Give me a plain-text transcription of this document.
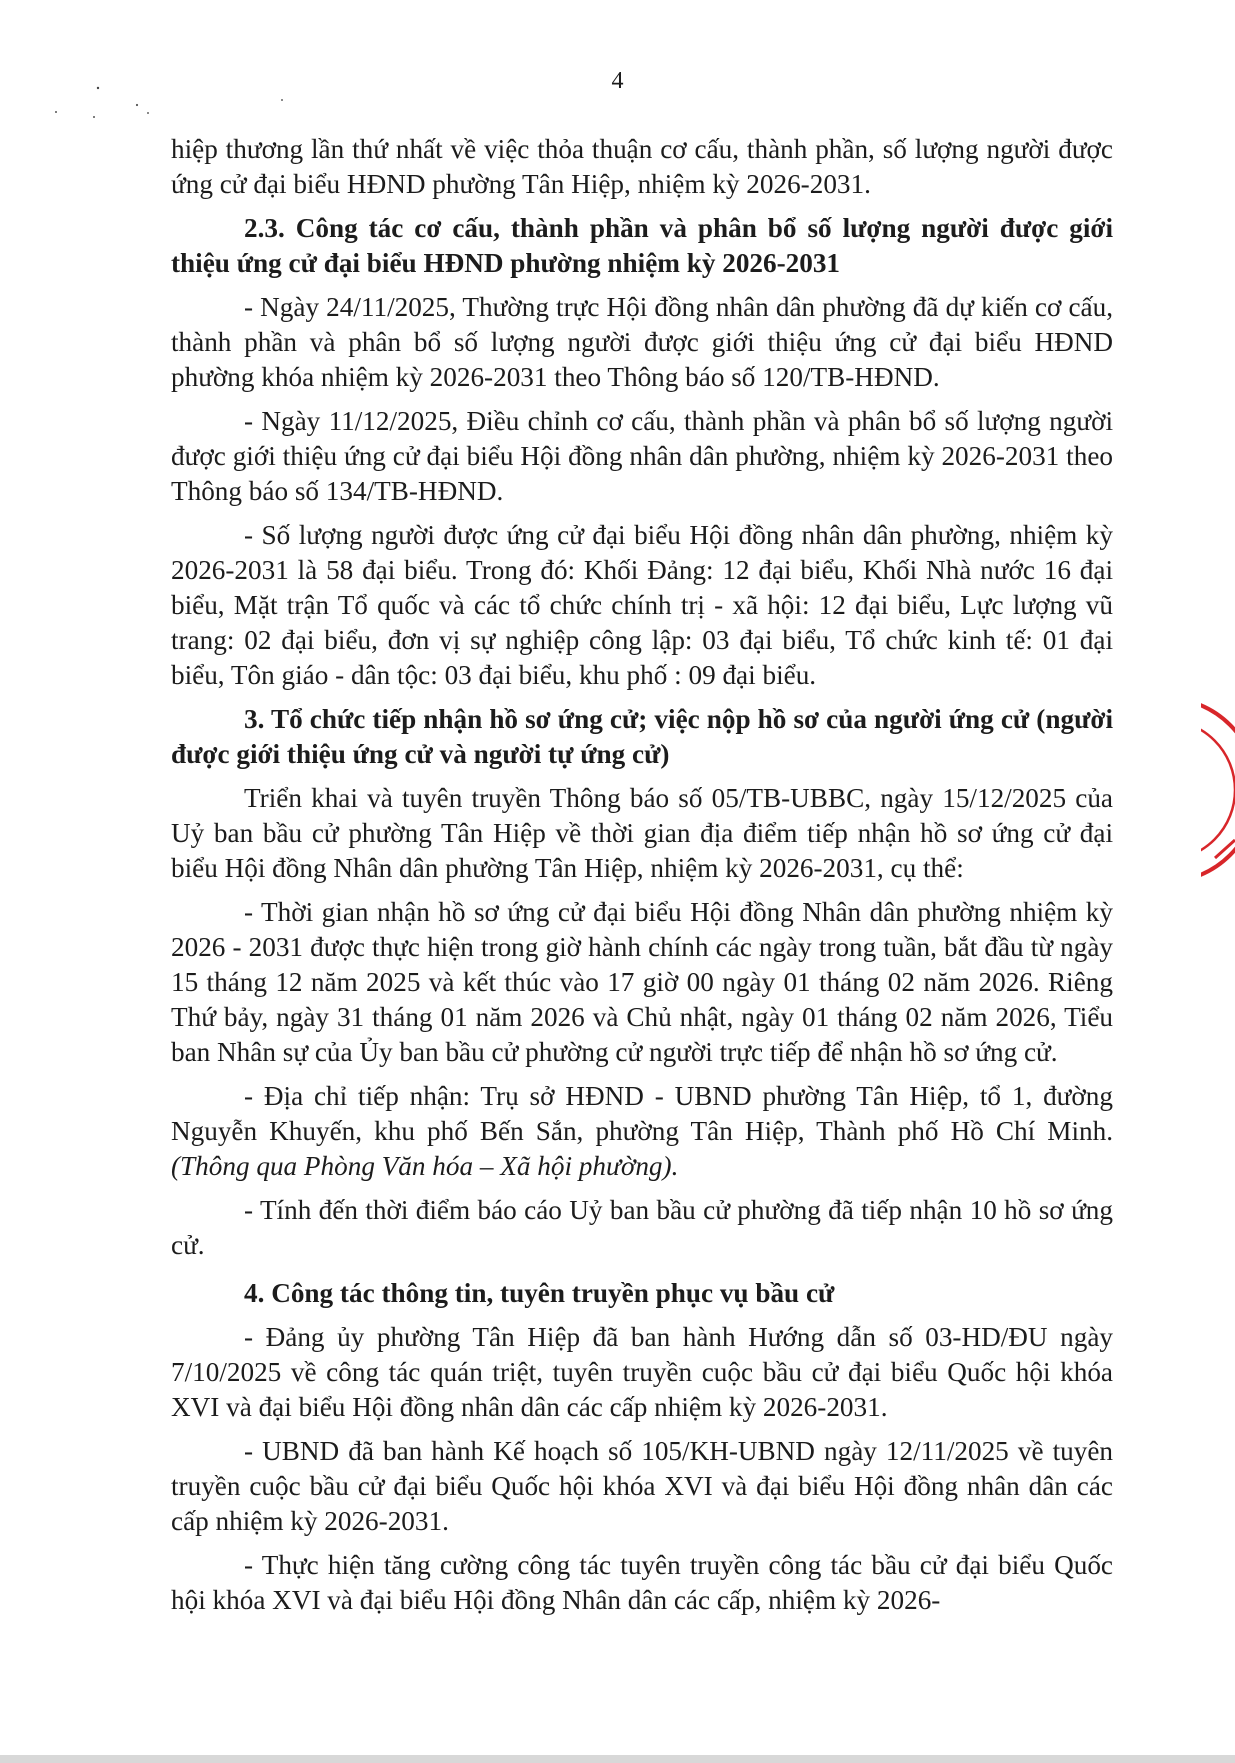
4

hiệp thương lần thứ nhất về việc thỏa thuận cơ cấu, thành phần, số lượng người được ứng cử đại biểu HĐND phường Tân Hiệp, nhiệm kỳ 2026-2031.

2.3. Công tác cơ cấu, thành phần và phân bổ số lượng người được giới thiệu ứng cử đại biểu HĐND phường nhiệm kỳ 2026-2031

- Ngày 24/11/2025, Thường trực Hội đồng nhân dân phường đã dự kiến cơ cấu, thành phần và phân bổ số lượng người được giới thiệu ứng cử đại biểu HĐND phường khóa nhiệm kỳ 2026-2031 theo Thông báo số 120/TB-HĐND.

- Ngày 11/12/2025, Điều chỉnh cơ cấu, thành phần và phân bổ số lượng người được giới thiệu ứng cử đại biểu Hội đồng nhân dân phường, nhiệm kỳ 2026-2031 theo Thông báo số 134/TB-HĐND.

- Số lượng người được ứng cử đại biểu Hội đồng nhân dân phường, nhiệm kỳ 2026-2031 là 58 đại biểu. Trong đó: Khối Đảng: 12 đại biểu, Khối Nhà nước 16 đại biểu, Mặt trận Tổ quốc và các tổ chức chính trị - xã hội: 12 đại biểu, Lực lượng vũ trang: 02 đại biểu, đơn vị sự nghiệp công lập: 03 đại biểu, Tổ chức kinh tế: 01 đại biểu, Tôn giáo - dân tộc: 03 đại biểu, khu phố : 09 đại biểu.

3. Tổ chức tiếp nhận hồ sơ ứng cử; việc nộp hồ sơ của người ứng cử (người được giới thiệu ứng cử và người tự ứng cử)

Triển khai và tuyên truyền Thông báo số 05/TB-UBBC, ngày 15/12/2025 của Uỷ ban bầu cử phường Tân Hiệp về thời gian địa điểm tiếp nhận hồ sơ ứng cử đại biểu Hội đồng Nhân dân phường Tân Hiệp, nhiệm kỳ 2026-2031, cụ thể:

- Thời gian nhận hồ sơ ứng cử đại biểu Hội đồng Nhân dân phường nhiệm kỳ 2026 - 2031 được thực hiện trong giờ hành chính các ngày trong tuần, bắt đầu từ ngày 15 tháng 12 năm 2025 và kết thúc vào 17 giờ 00 ngày 01 tháng 02 năm 2026. Riêng Thứ bảy, ngày 31 tháng 01 năm 2026 và Chủ nhật, ngày 01 tháng 02 năm 2026, Tiểu ban Nhân sự của Ủy ban bầu cử phường cử người trực tiếp để nhận hồ sơ ứng cử.

- Địa chỉ tiếp nhận: Trụ sở HĐND - UBND phường Tân Hiệp, tổ 1, đường Nguyễn Khuyến, khu phố Bến Sắn, phường Tân Hiệp, Thành phố Hồ Chí Minh. (Thông qua Phòng Văn hóa – Xã hội phường).

- Tính đến thời điểm báo cáo Uỷ ban bầu cử phường đã tiếp nhận 10 hồ sơ ứng cử.

4. Công tác thông tin, tuyên truyền phục vụ bầu cử

- Đảng ủy phường Tân Hiệp đã ban hành Hướng dẫn số 03-HD/ĐU ngày 7/10/2025 về công tác quán triệt, tuyên truyền cuộc bầu cử đại biểu Quốc hội khóa XVI và đại biểu Hội đồng nhân dân các cấp nhiệm kỳ 2026-2031.

- UBND đã ban hành Kế hoạch số 105/KH-UBND ngày 12/11/2025 về tuyên truyền cuộc bầu cử đại biểu Quốc hội khóa XVI và đại biểu Hội đồng nhân dân các cấp nhiệm kỳ 2026-2031.

- Thực hiện tăng cường công tác tuyên truyền công tác bầu cử đại biểu Quốc hội khóa XVI và đại biểu Hội đồng Nhân dân các cấp, nhiệm kỳ 2026-

CỬ HIỆ
